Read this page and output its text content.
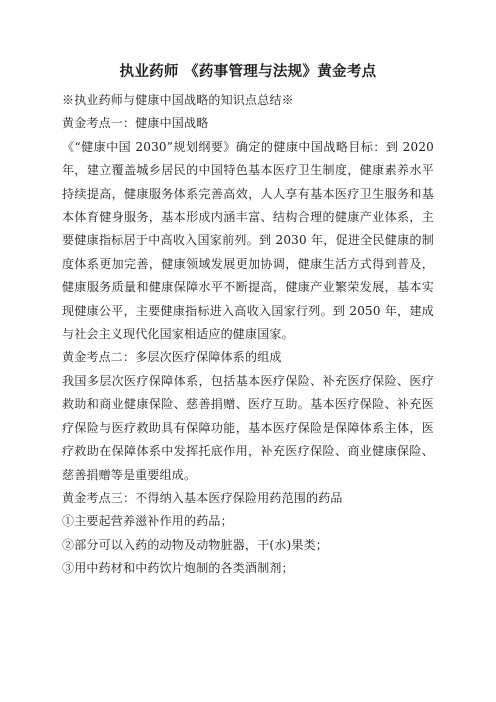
执业药师 《药事管理与法规》黄金考点

※执业药师与健康中国战略的知识点总结※

黄金考点一：健康中国战略

《“健康中国 2030”规划纲要》确定的健康中国战略目标：到 2020 年，建立覆盖城乡居民的中国特色基本医疗卫生制度，健康素养水平持续提高，健康服务体系完善高效，人人享有基本医疗卫生服务和基本体育健身服务，基本形成内涵丰富、结构合理的健康产业体系，主要健康指标居于中高收入国家前列。到 2030 年，促进全民健康的制度体系更加完善，健康领域发展更加协调，健康生活方式得到普及，健康服务质量和健康保障水平不断提高，健康产业繁荣发展，基本实现健康公平，主要健康指标进入高收入国家行列。到 2050 年，建成与社会主义现代化国家相适应的健康国家。

黄金考点二：多层次医疗保障体系的组成

我国多层次医疗保障体系，包括基本医疗保险、补充医疗保险、医疗救助和商业健康保险、慈善捐赠、医疗互助。基本医疗保险、补充医疗保险与医疗救助具有保障功能，基本医疗保险是保障体系主体，医疗救助在保障体系中发挥托底作用，补充医疗保险、商业健康保险、慈善捐赠等是重要组成。

黄金考点三：不得纳入基本医疗保险用药范围的药品

①主要起营养滋补作用的药品；

②部分可以入药的动物及动物脏器，干(水)果类；

③用中药材和中药饮片炮制的各类酒制剂；
